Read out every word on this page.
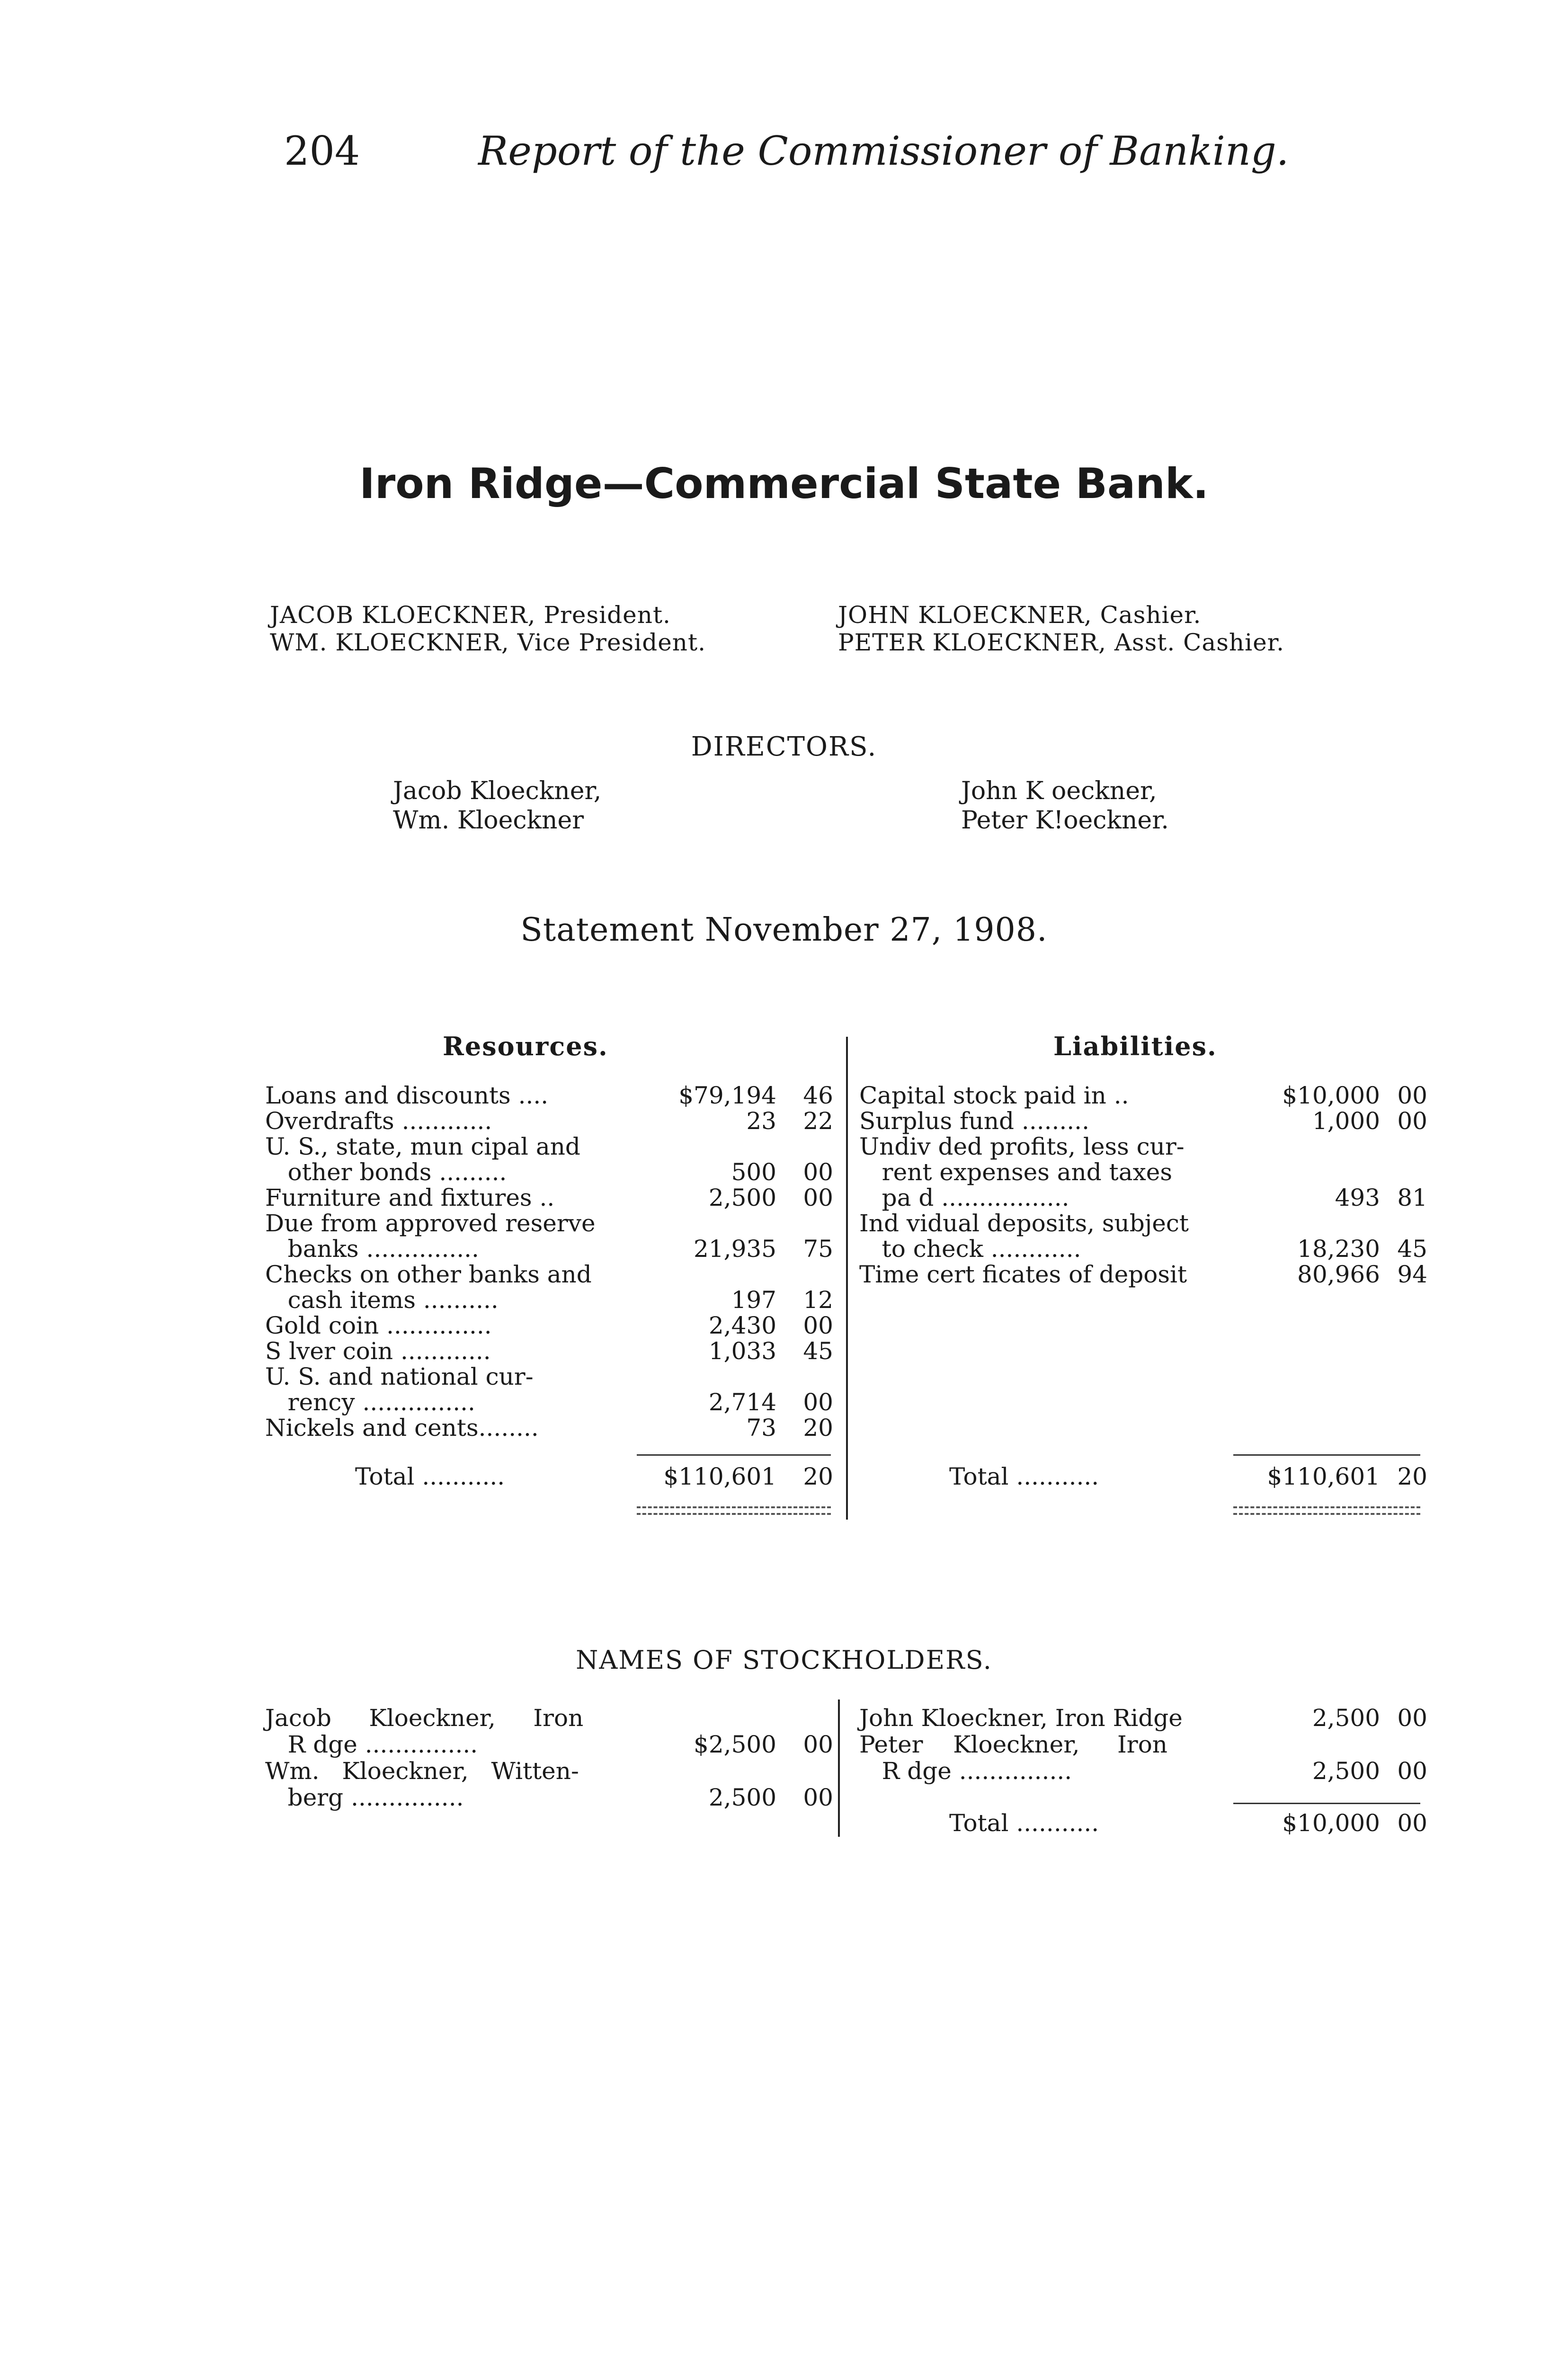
204	Report of the Commissioner of Banking.
Iron Ridge—Commercial State Bank.
JACOB KLOECKNER, President.
WM. KLOECKNER, Vice President.
JOHN KLOECKNER, Cashier.
PETER KLOECKNER, Asst. Cashier.
DIRECTORS.
Jacob Kloeckner,
Wm. Kloeckner
John K oeckner,
Peter K!oeckner.
Statement November 27, 1908.
Resources.	Liabilities.
Loans and discounts ....	$79,194 46
Overdrafts ............	23 22
U. S., state, mun cipal and
other bonds .........	500 00
Furniture and fixtures ..	2,500 00
Due from approved reserve
banks ...............	21,935 75
Checks on other banks and
cash items ..........	197 12
Gold coin ..............	2,430 00
S lver coin ............	1,033 45
U. S. and national cur-
rency ...............	2,714 00
Nickels and cents........	73 20
Total ...........	$110,601 20
Capital stock paid in ..	$10,000 00
Surplus fund .........	1,000 00
Undiv ded profits, less cur-
rent expenses and taxes
pa d .................	493 81
Ind vidual deposits, subject
to check ............	18,230 45
Time cert ficates of deposit	80,966 94
Total ...........	$110,601 20
NAMES OF STOCKHOLDERS.
Jacob     Kloeckner,     Iron
R dge ...............	$2,500 00
Wm.   Kloeckner,   Witten-
berg ...............	2,500 00
John Kloeckner, Iron Ridge	2,500 00
Peter    Kloeckner,     Iron
R dge ...............	2,500 00
Total ...........	$10,000 00
